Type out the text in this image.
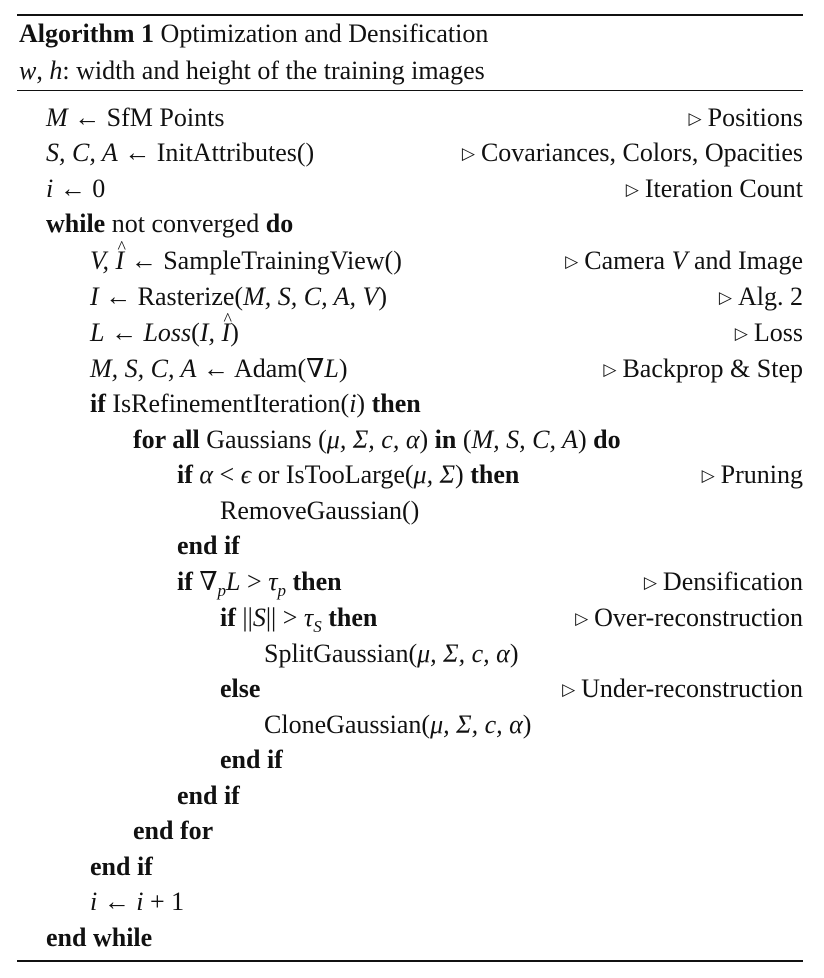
Algorithm 1 Optimization and Densification
w, h: width and height of the training images
M ← SfM Points	▷ Positions
S, C, A ← InitAttributes()	▷ Covariances, Colors, Opacities
i ← 0	▷ Iteration Count
while not converged do
V, ^ I ← SampleTrainingView()	▷ Camera V and Image
I ← Rasterize(M, S, C, A, V)	▷ Alg. 2
L ← Loss(I, ^ I)	▷ Loss
M, S, C, A ← Adam(∇L)	▷ Backprop & Step
if IsRefinementIteration(i) then
for all Gaussians (μ, Σ, c, α) in (M, S, C, A) do
if α < ϵ or IsTooLarge(μ, Σ) then	▷ Pruning
RemoveGaussian()
end if
if $\nabla_pL > \tau_p$ then	▷ Densification
if $||S|| > \tau_S$ then	▷ Over-reconstruction
SplitGaussian(μ, Σ, c, α)
else	▷ Under-reconstruction
CloneGaussian(μ, Σ, c, α)
end if
end if
end for
end if
i ← i + 1
end while
